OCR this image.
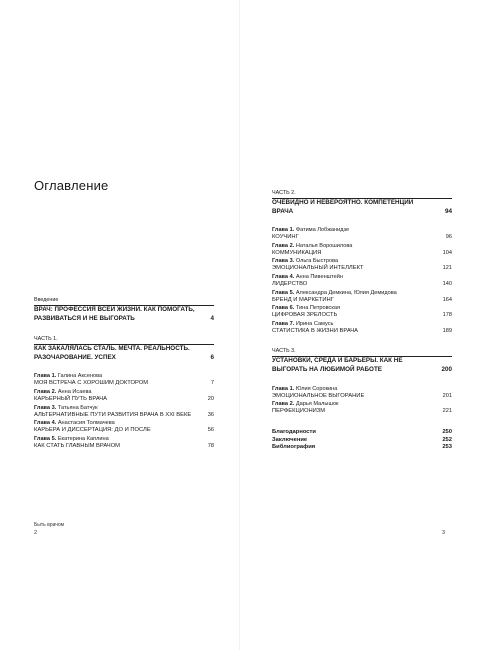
Оглавление
Введение
ВРАЧ: ПРОФЕССИЯ ВСЕЙ ЖИЗНИ. КАК ПОМОГАТЬ, РАЗВИВАТЬСЯ И НЕ ВЫГОРАТЬ	4
ЧАСТЬ 1.
КАК ЗАКАЛЯЛАСЬ СТАЛЬ. МЕЧТА. РЕАЛЬНОСТЬ. РАЗОЧАРОВАНИЕ. УСПЕХ	6
Глава 1. Галина Аксенова
МОЯ ВСТРЕЧА С ХОРОШИМ ДОКТОРОМ	7
Глава 2. Анна Исаева
КАРЬЕРНЫЙ ПУТЬ ВРАЧА	20
Глава 3. Татьяна Батчук
АЛЬТЕРНАТИВНЫЕ ПУТИ РАЗВИТИЯ ВРАЧА В XXI ВЕКЕ	36
Глава 4. Анастасия Толмачева
КАРЬЕРА И ДИССЕРТАЦИЯ: ДО И ПОСЛЕ	56
Глава 5. Екатерина Каплина
КАК СТАТЬ ГЛАВНЫМ ВРАЧОМ	78
Быть врачом
2
ЧАСТЬ 2.
ОЧЕВИДНО И НЕВЕРОЯТНО. КОМПЕТЕНЦИИ ВРАЧА	94
Глава 1. Фатима Лобжанидзе
КОУЧИНГ	96
Глава 2. Наталья Ворошилова
КОММУНИКАЦИЯ	104
Глава 3. Ольга Быстрова
ЭМОЦИОНАЛЬНЫЙ ИНТЕЛЛЕКТ	121
Глава 4. Анна Пивенштейн
ЛИДЕРСТВО	140
Глава 5. Александра Демкина, Юлия Демидова
БРЕНД И МАРКЕТИНГ	164
Глава 6. Тина Петровская
ЦИФРОВАЯ ЗРЕЛОСТЬ	178
Глава 7. Ирина Самусь
СТАТИСТИКА В ЖИЗНИ ВРАЧА	189
ЧАСТЬ 3.
УСТАНОВКИ, СРЕДА И БАРЬЕРЫ. КАК НЕ ВЫГОРАТЬ НА ЛЮБИМОЙ РАБОТЕ	200
Глава 1. Юлия Сорокина
ЭМОЦИОНАЛЬНОЕ ВЫГОРАНИЕ	201
Глава 2. Дарья Малышок
ПЕРФЕКЦИОНИЗМ	221
Благодарности	250
Заключение	252
Библиография	253
3
